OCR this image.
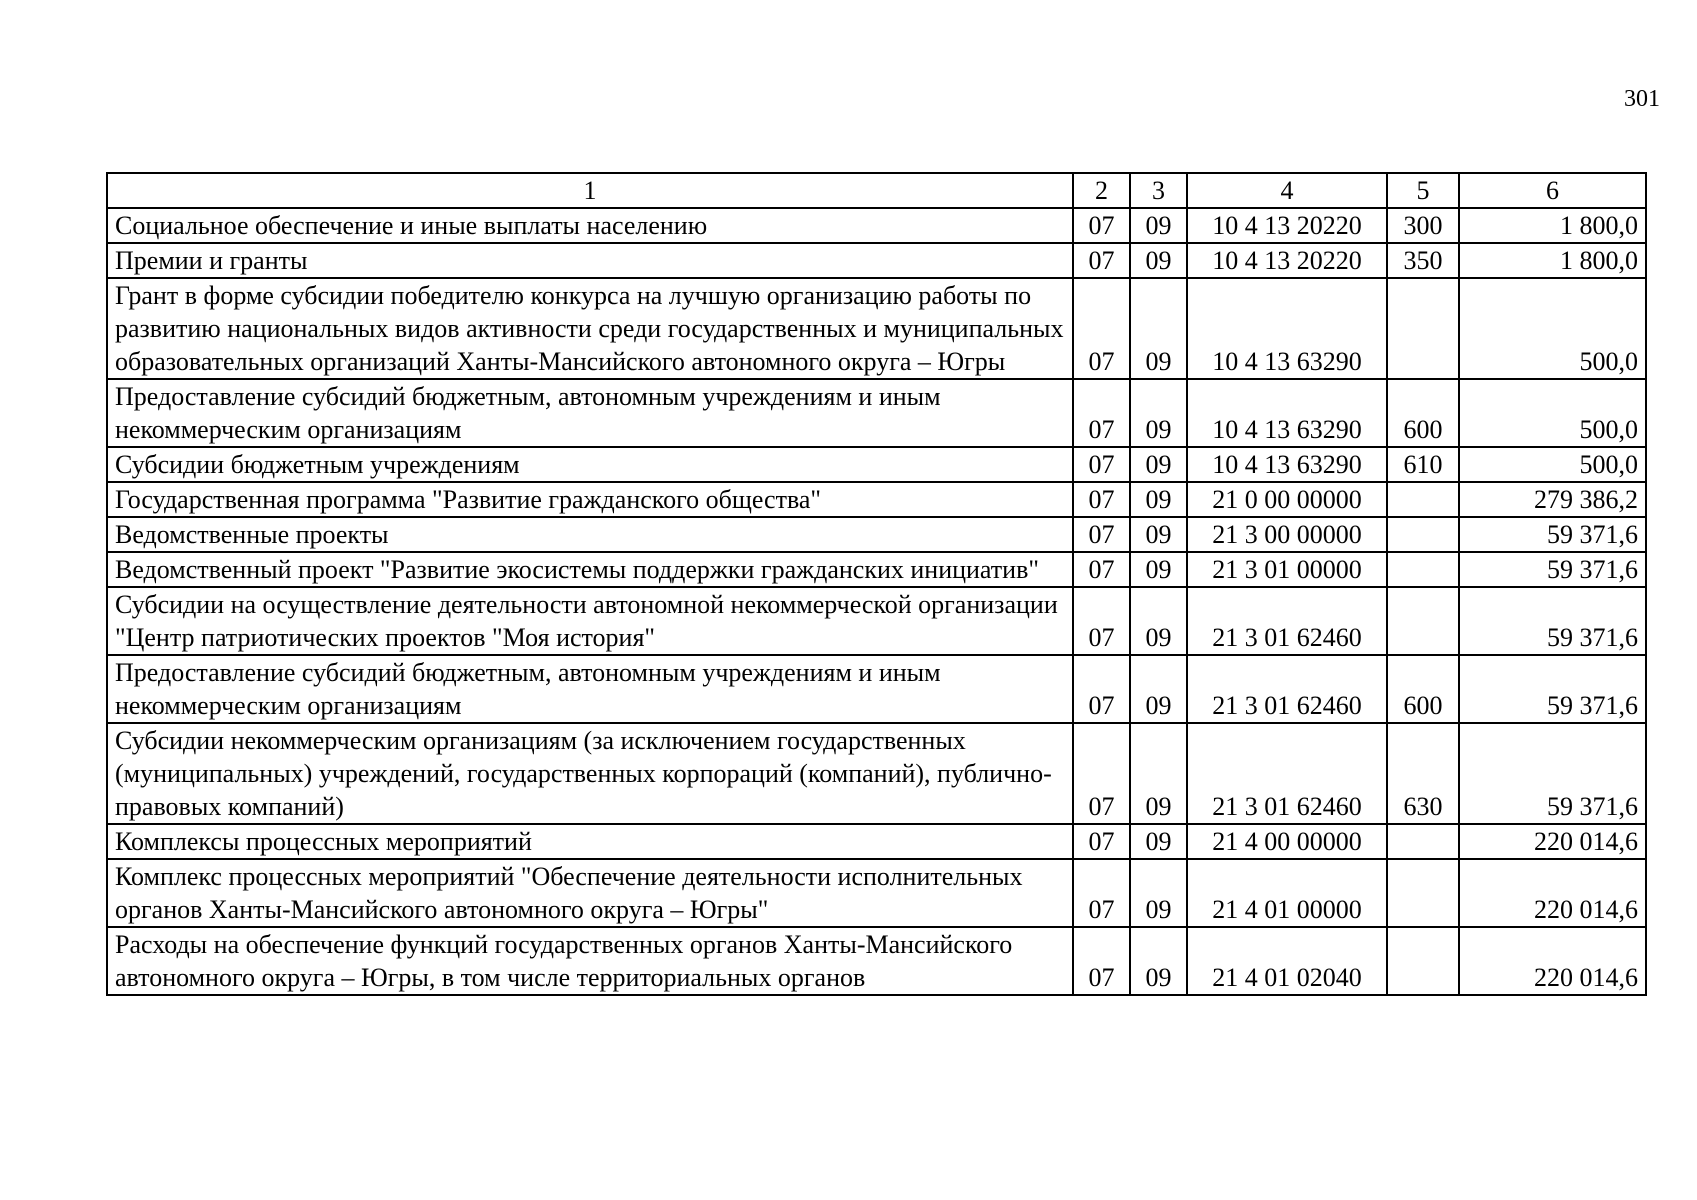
301
1	2	3	4	5	6
Социальное обеспечение и иные выплаты населению	07	09	10 4 13 20220	300	1 800,0
Премии и гранты	07	09	10 4 13 20220	350	1 800,0
Грант в форме субсидии победителю конкурса на лучшую организацию работы по развитию национальных видов активности среди государственных и муниципальных образовательных организаций Ханты-Мансийского автономного округа – Югры	07	09	10 4 13 63290		500,0
Предоставление субсидий бюджетным, автономным учреждениям и иным некоммерческим организациям	07	09	10 4 13 63290	600	500,0
Субсидии бюджетным учреждениям	07	09	10 4 13 63290	610	500,0
Государственная программа "Развитие гражданского общества"	07	09	21 0 00 00000		279 386,2
Ведомственные проекты	07	09	21 3 00 00000		59 371,6
Ведомственный проект "Развитие экосистемы поддержки гражданских инициатив"	07	09	21 3 01 00000		59 371,6
Субсидии на осуществление деятельности автономной некоммерческой организации "Центр патриотических проектов "Моя история"	07	09	21 3 01 62460		59 371,6
Предоставление субсидий бюджетным, автономным учреждениям и иным некоммерческим организациям	07	09	21 3 01 62460	600	59 371,6
Субсидии некоммерческим организациям (за исключением государственных (муниципальных) учреждений, государственных корпораций (компаний), публично-правовых компаний)	07	09	21 3 01 62460	630	59 371,6
Комплексы процессных мероприятий	07	09	21 4 00 00000		220 014,6
Комплекс процессных мероприятий "Обеспечение деятельности исполнительных органов Ханты-Мансийского автономного округа – Югры"	07	09	21 4 01 00000		220 014,6
Расходы на обеспечение функций государственных органов Ханты-Мансийского автономного округа – Югры, в том числе территориальных органов	07	09	21 4 01 02040		220 014,6
